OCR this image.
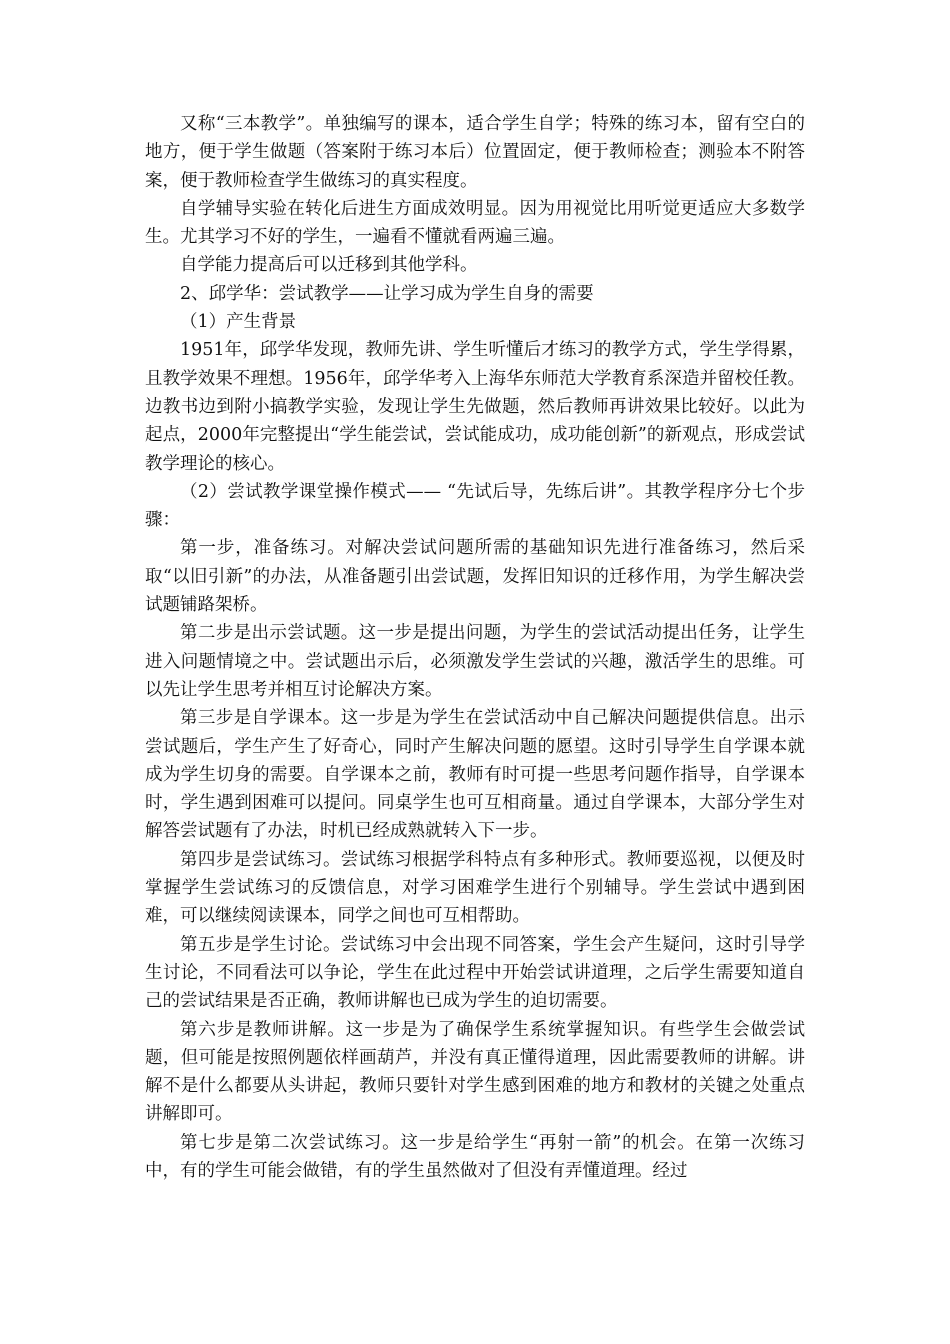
又称“三本教学”。单独编写的课本，适合学生自学；特殊的练习本，留有空白的地方，便于学生做题（答案附于练习本后）位置固定，便于教师检查；测验本不附答案，便于教师检查学生做练习的真实程度。

自学辅导实验在转化后进生方面成效明显。因为用视觉比用听觉更适应大多数学生。尤其学习不好的学生，一遍看不懂就看两遍三遍。

自学能力提高后可以迁移到其他学科。

2、邱学华：尝试教学——让学习成为学生自身的需要

（1）产生背景

1951年，邱学华发现，教师先讲、学生听懂后才练习的教学方式，学生学得累，且教学效果不理想。1956年，邱学华考入上海华东师范大学教育系深造并留校任教。边教书边到附小搞教学实验，发现让学生先做题，然后教师再讲效果比较好。以此为起点，2000年完整提出“学生能尝试，尝试能成功，成功能创新”的新观点，形成尝试教学理论的核心。

（2）尝试教学课堂操作模式—— “先试后导，先练后讲”。其教学程序分七个步骤：

第一步，准备练习。对解决尝试问题所需的基础知识先进行准备练习，然后采取“以旧引新”的办法，从准备题引出尝试题，发挥旧知识的迁移作用，为学生解决尝试题铺路架桥。

第二步是出示尝试题。这一步是提出问题，为学生的尝试活动提出任务，让学生进入问题情境之中。尝试题出示后，必须激发学生尝试的兴趣，激活学生的思维。可以先让学生思考并相互讨论解决方案。

第三步是自学课本。这一步是为学生在尝试活动中自己解决问题提供信息。出示尝试题后，学生产生了好奇心，同时产生解决问题的愿望。这时引导学生自学课本就成为学生切身的需要。自学课本之前，教师有时可提一些思考问题作指导，自学课本时，学生遇到困难可以提问。同桌学生也可互相商量。通过自学课本，大部分学生对解答尝试题有了办法，时机已经成熟就转入下一步。

第四步是尝试练习。尝试练习根据学科特点有多种形式。教师要巡视，以便及时掌握学生尝试练习的反馈信息，对学习困难学生进行个别辅导。学生尝试中遇到困难，可以继续阅读课本，同学之间也可互相帮助。

第五步是学生讨论。尝试练习中会出现不同答案，学生会产生疑问，这时引导学生讨论，不同看法可以争论，学生在此过程中开始尝试讲道理，之后学生需要知道自己的尝试结果是否正确，教师讲解也已成为学生的迫切需要。

第六步是教师讲解。这一步是为了确保学生系统掌握知识。有些学生会做尝试题，但可能是按照例题依样画葫芦，并没有真正懂得道理，因此需要教师的讲解。讲解不是什么都要从头讲起，教师只要针对学生感到困难的地方和教材的关键之处重点讲解即可。

第七步是第二次尝试练习。这一步是给学生“再射一箭”的机会。在第一次练习中，有的学生可能会做错，有的学生虽然做对了但没有弄懂道理。经过
